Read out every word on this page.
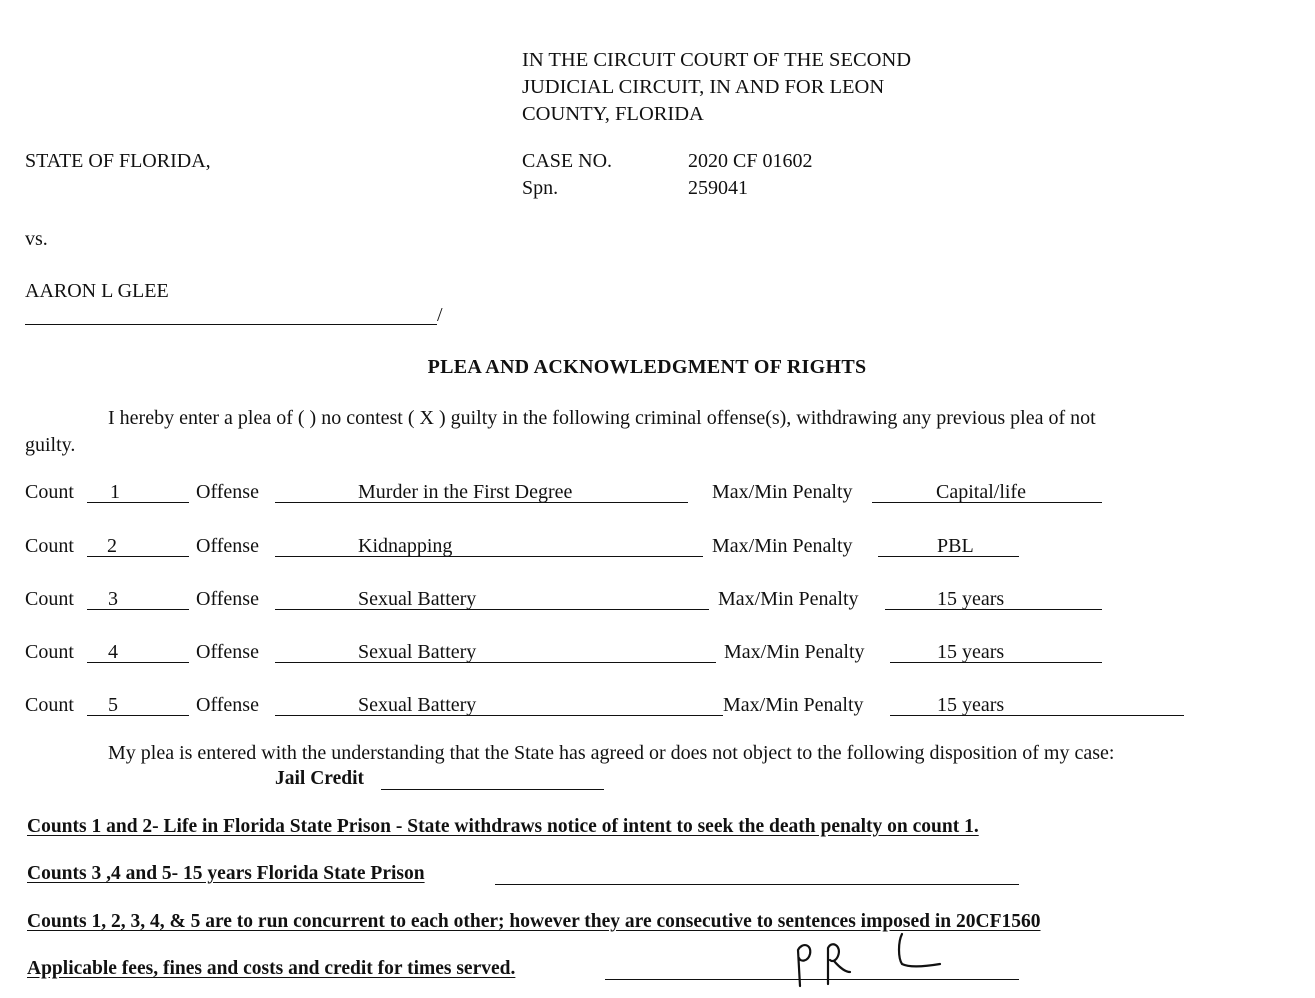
IN THE CIRCUIT COURT OF THE SECOND
JUDICIAL CIRCUIT, IN AND FOR LEON
COUNTY, FLORIDA
STATE OF FLORIDA,	CASE NO.	2020 CF 01602
Spn.	259041
vs.
AARON L GLEE
/
PLEA AND ACKNOWLEDGMENT OF RIGHTS
I hereby enter a plea of ( ) no contest ( X ) guilty in the following criminal offense(s), withdrawing any previous plea of not
guilty.
Count 1	Offense	Murder in the First Degree	Max/Min Penalty	Capital/life
Count 2	Offense	Kidnapping	Max/Min Penalty	PBL
Count 3	Offense	Sexual Battery	Max/Min Penalty	15 years
Count 4	Offense	Sexual Battery	Max/Min Penalty	15 years
Count 5	Offense	Sexual Battery	Max/Min Penalty	15 years
My plea is entered with the understanding that the State has agreed or does not object to the following disposition of my case:
Jail Credit
Counts 1 and 2- Life in Florida State Prison - State withdraws notice of intent to seek the death penalty on count 1.
Counts 3 ,4 and 5- 15 years Florida State Prison
Counts 1, 2, 3, 4, & 5 are to run concurrent to each other; however they are consecutive to sentences imposed in 20CF1560
Applicable fees, fines and costs and credit for times served.
